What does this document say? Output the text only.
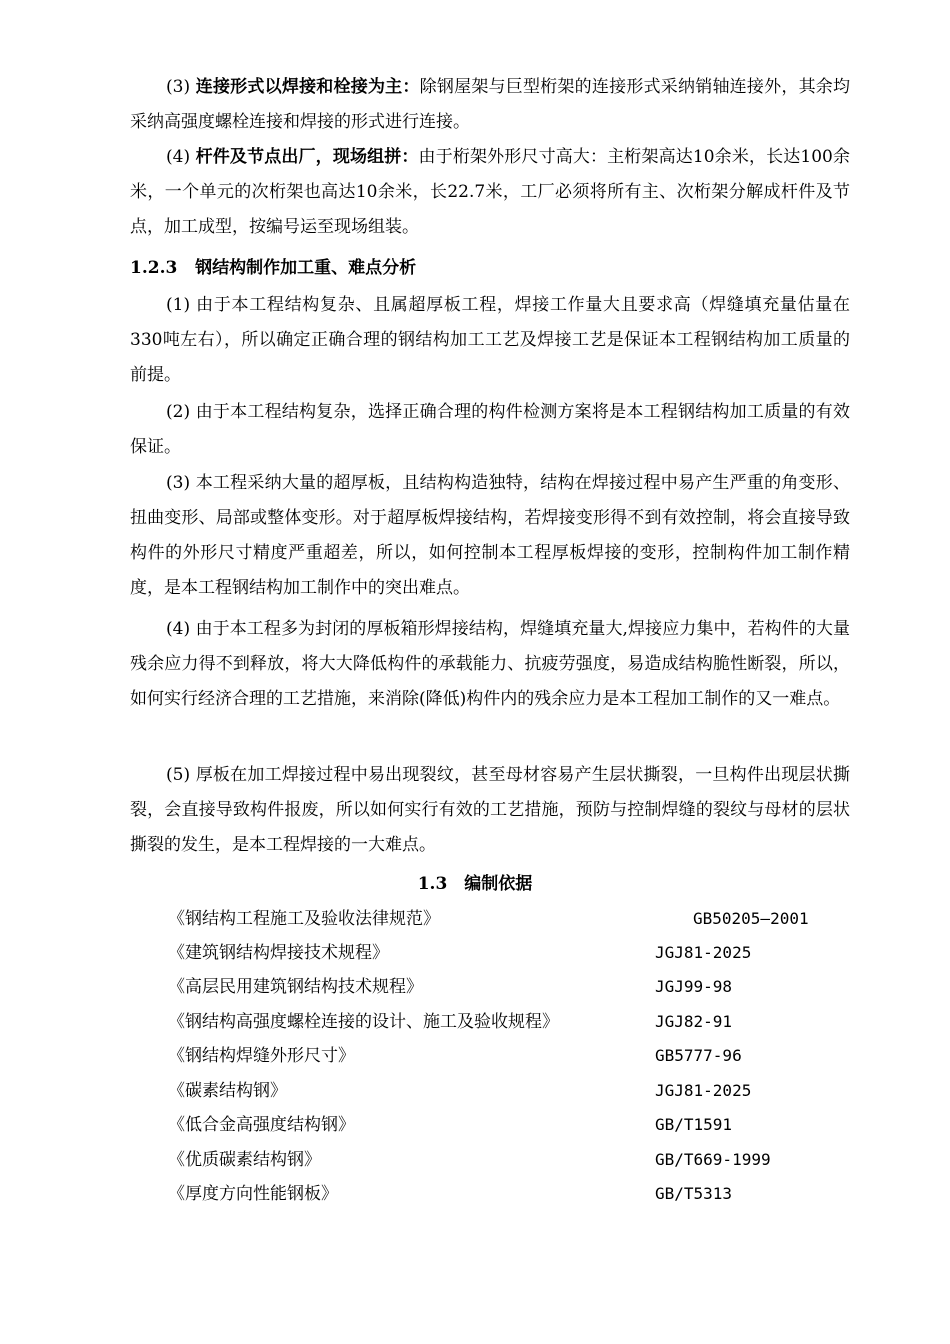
(3) 连接形式以焊接和栓接为主：除钢屋架与巨型桁架的连接形式采纳销轴连接外，其余均采纳高强度螺栓连接和焊接的形式进行连接。

(4) 杆件及节点出厂，现场组拼：由于桁架外形尺寸高大：主桁架高达10余米，长达100余米，一个单元的次桁架也高达10余米，长22.7米，工厂必须将所有主、次桁架分解成杆件及节点，加工成型，按编号运至现场组装。

1.2.3 钢结构制作加工重、难点分析

(1) 由于本工程结构复杂、且属超厚板工程，焊接工作量大且要求高（焊缝填充量估量在330吨左右），所以确定正确合理的钢结构加工工艺及焊接工艺是保证本工程钢结构加工质量的前提。

(2) 由于本工程结构复杂，选择正确合理的构件检测方案将是本工程钢结构加工质量的有效保证。

(3) 本工程采纳大量的超厚板，且结构构造独特，结构在焊接过程中易产生严重的角变形、扭曲变形、局部或整体变形。对于超厚板焊接结构，若焊接变形得不到有效控制，将会直接导致构件的外形尺寸精度严重超差，所以，如何控制本工程厚板焊接的变形，控制构件加工制作精度，是本工程钢结构加工制作中的突出难点。

(4) 由于本工程多为封闭的厚板箱形焊接结构，焊缝填充量大,焊接应力集中，若构件的大量残余应力得不到释放，将大大降低构件的承载能力、抗疲劳强度，易造成结构脆性断裂，所以，如何实行经济合理的工艺措施，来消除(降低)构件内的残余应力是本工程加工制作的又一难点。

(5) 厚板在加工焊接过程中易出现裂纹，甚至母材容易产生层状撕裂，一旦构件出现层状撕裂，会直接导致构件报废，所以如何实行有效的工艺措施，预防与控制焊缝的裂纹与母材的层状撕裂的发生，是本工程焊接的一大难点。

1.3　编制依据
《钢结构工程施工及验收法律规范》	GB50205—2001
《建筑钢结构焊接技术规程》	JGJ81-2025
《高层民用建筑钢结构技术规程》	JGJ99-98
《钢结构高强度螺栓连接的设计、施工及验收规程》	JGJ82-91
《钢结构焊缝外形尺寸》	GB5777-96
《碳素结构钢》	JGJ81-2025
《低合金高强度结构钢》	GB/T1591
《优质碳素结构钢》	GB/T669-1999
《厚度方向性能钢板》	GB/T5313
